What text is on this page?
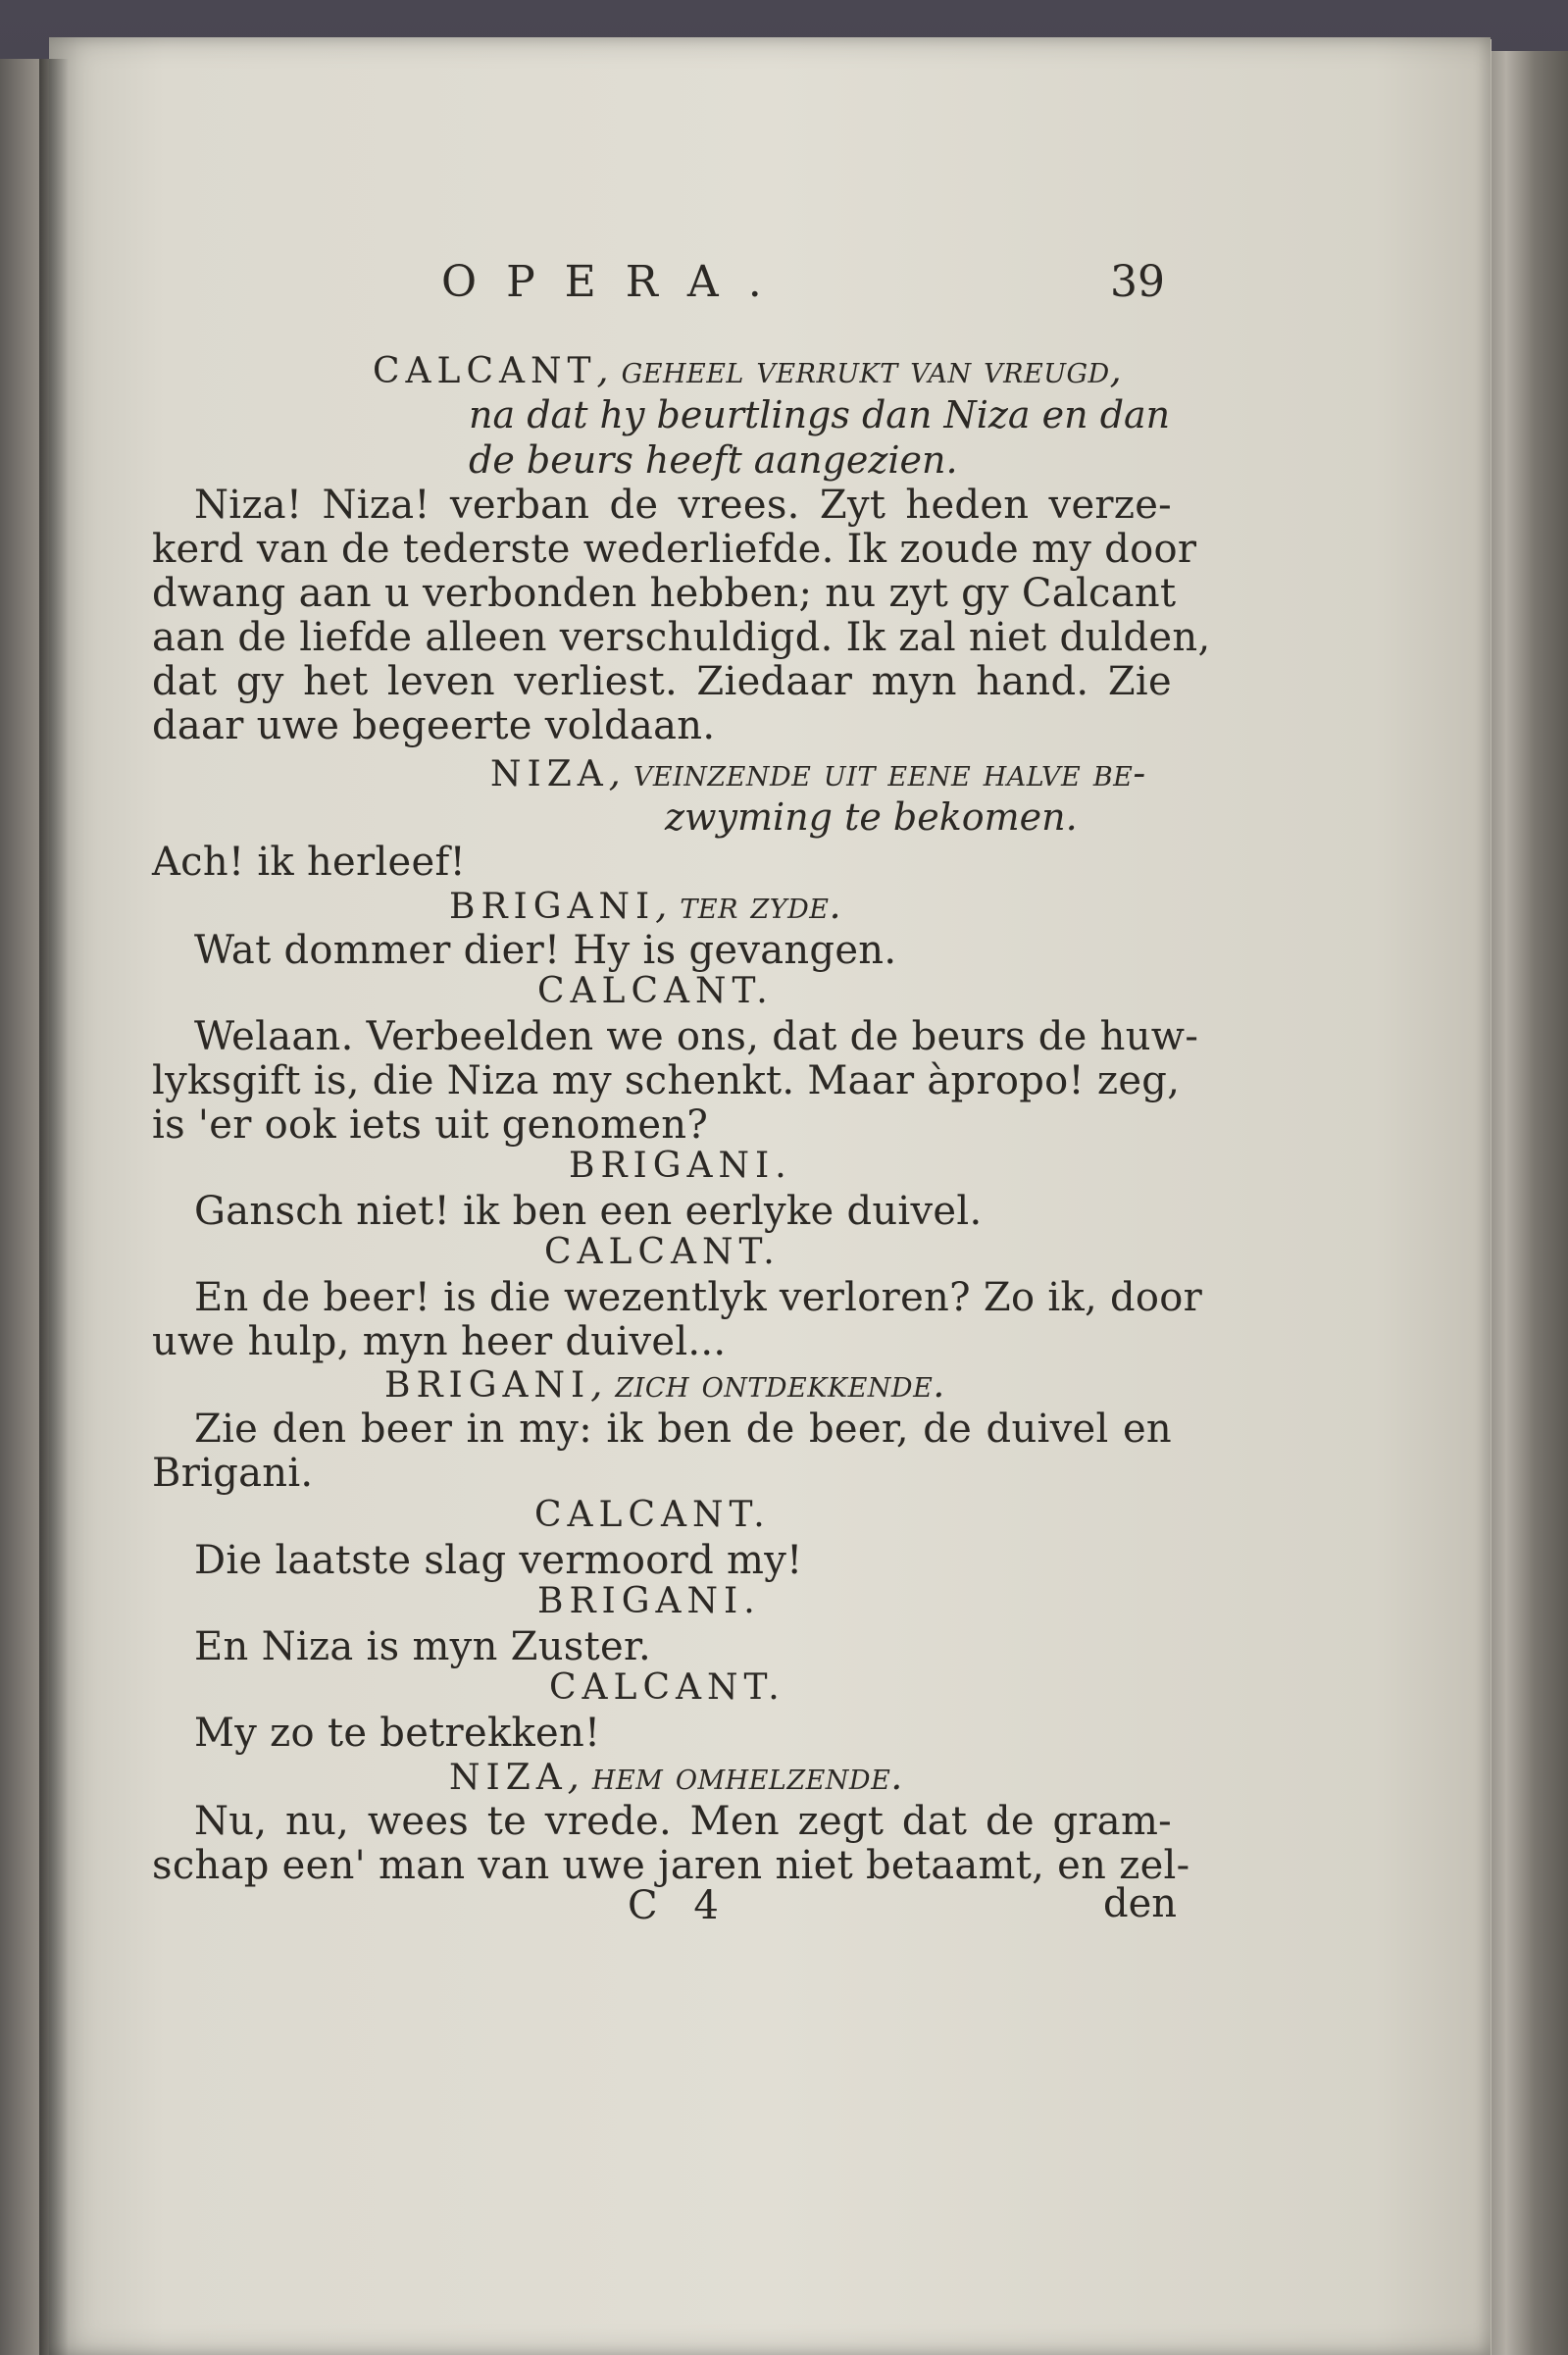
OPERA.	39
CALCANT, geheel verrukt van vreugd,
na dat hy beurtlings dan Niza en dan
de beurs heeft aangezien.
Niza! Niza! verban de vrees. Zyt heden verze-
kerd van de tederste wederliefde. Ik zoude my door
dwang aan u verbonden hebben; nu zyt gy Calcant
aan de liefde alleen verschuldigd. Ik zal niet dulden,
dat gy het leven verliest. Ziedaar myn hand. Zie
daar uwe begeerte voldaan.
NIZA, veinzende uit eene halve be-
zwyming te bekomen.
Ach! ik herleef!
BRIGANI, ter zyde.
Wat dommer dier! Hy is gevangen.
CALCANT.
Welaan. Verbeelden we ons, dat de beurs de huw-
lyksgift is, die Niza my schenkt. Maar àpropo! zeg,
is 'er ook iets uit genomen?
BRIGANI.
Gansch niet! ik ben een eerlyke duivel.
CALCANT.
En de beer! is die wezentlyk verloren? Zo ik, door
uwe hulp, myn heer duivel...
BRIGANI, zich ontdekkende.
Zie den beer in my: ik ben de beer, de duivel en
Brigani.
CALCANT.
Die laatste slag vermoord my!
BRIGANI.
En Niza is myn Zuster.
CALCANT.
My zo te betrekken!
NIZA, hem omhelzende.
Nu, nu, wees te vrede. Men zegt dat de gram-
schap een' man van uwe jaren niet betaamt, en zel-
C 4	den
